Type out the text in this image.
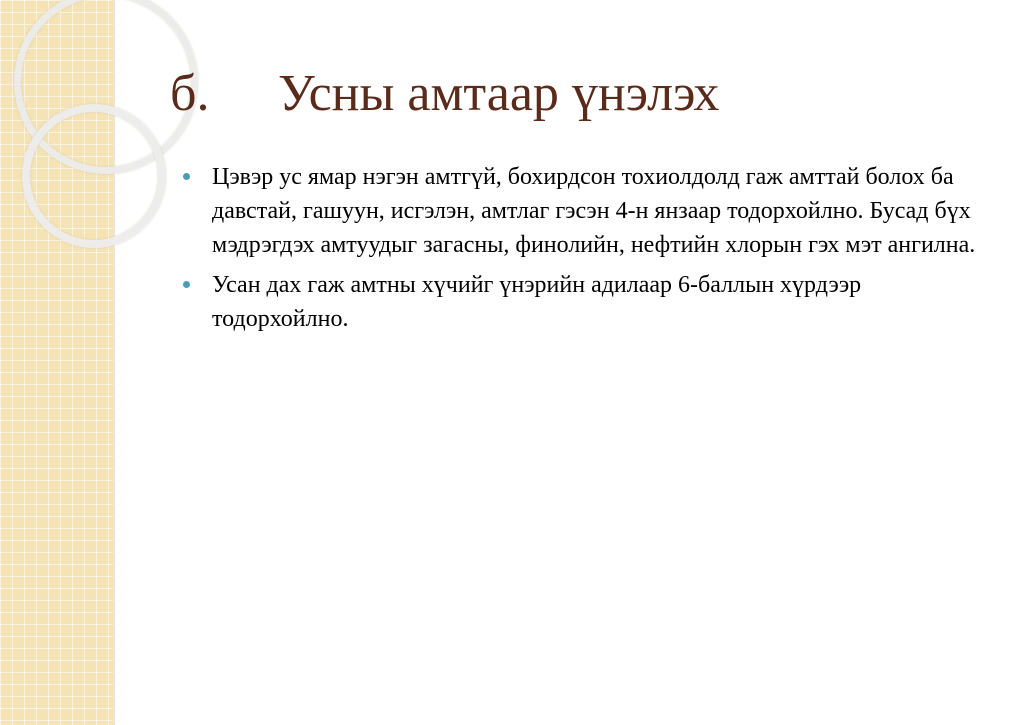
б. Усны амтаар үнэлэх
Цэвэр ус ямар нэгэн амтгүй, бохирдсон тохиолдолд гаж амттай болох ба давстай, гашуун, исгэлэн, амтлаг гэсэн 4-н янзаар тодорхойлно. Бусад бүх мэдрэгдэх амтуудыг загасны, финолийн, нефтийн хлорын гэх мэт ангилна.
Усан дах гаж амтны хүчийг үнэрийн адилаар 6-баллын хүрдээр тодорхойлно.
